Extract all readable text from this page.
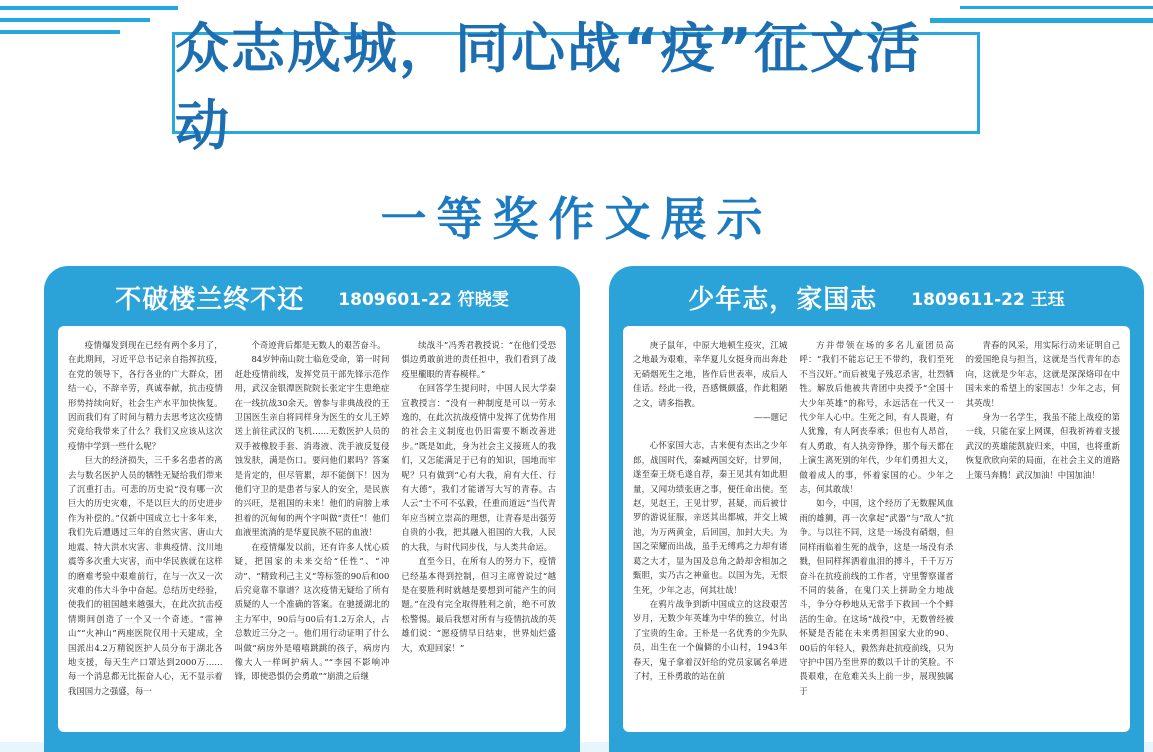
众志成城，同心战“疫”征文活动
一等奖作文展示
不破楼兰终不还 1809601-22 符晓雯

疫情爆发到现在已经有两个多月了，在此期间，习近平总书记亲自指挥抗疫，在党的领导下，各行各业的广大群众，团结一心，不辞辛劳，真诚奉献，抗击疫情形势持续向好，社会生产水平加快恢复。因而我们有了时间与精力去思考这次疫情究竟给我带来了什么？我们又应该从这次疫情中学到一些什么呢？

巨大的经济损失，三千多名患者的离去与数名医护人员的牺牲无疑给我们带来了沉重打击。可悲的历史说“没有哪一次巨大的历史灾难，不是以巨大的历史进步作为补偿的。”仅新中国成立七十多年来，我们先后遭遇过三年的自然灾害、唐山大地震、特大洪水灾害、非典疫情、汶川地震等多次重大灾害，而中华民族就在这样的磨难考验中艰难前行，在与一次又一次灾难的伟大斗争中奋起。总结历史经验，使我们的祖国越来越强大，在此次抗击疫情期间创造了一个又一个奇迹。“雷神山”“火神山”两座医院仅用十天建成，全国派出4.2万精锐医护人员分布于湖北各地支援，每天生产口罩达到2000万……每一个消息都无比振奋人心，无不显示着我国国力之强盛，每一

个奇迹背后都是无数人的艰苦奋斗。

84岁钟南山院士临危受命，第一时间赶赴疫情前线，发挥党员干部先锋示范作用，武汉金银潭医院院长张定宇生患绝症在一线抗战30余天。曾参与非典战役的王卫国医生亲自将同样身为医生的女儿王婷送上前往武汉的飞机……无数医护人员的双手被橡胶手套、消毒液、洗手液反复侵蚀发肤，满是伤口。要问他们累吗？答案是肯定的，但尽管累，却不能倒下！因为他们守卫的是患者与家人的安全，是民族的兴旺，是祖国的未来！他们的肩膀上承担着的沉甸甸的两个字叫做“责任”！他们血液里流淌的是华夏民族不屈的血液！

在疫情爆发以前，还有许多人忧心质疑，把国家的未来交给“任性”、“冲动”、“精致利己主义”等标签的90后和00后究竟靠不靠谱？这次疫情无疑给了所有质疑的人一个准确的答案。在驰援湖北的主力军中，90后与00后有1.2万余人，占总数近三分之一。他们用行动证明了什么叫做“病房外是嘻嘻跳跳的孩子，病房内像大人一样呵护病人。”“李园不影响冲锋，即使恐惧仍会勇敢”“崩溃之后继

续战斗”冯秀君教授说：“在他们受恐惧边勇敢前进的责任担中，我们看到了战疫里櫳眼的青春模样。”

在回答学生提问时，中国人民大学秦宣教授言：“没有一种制度是可以一劳永逸的，在此次抗战疫情中发挥了优势作用的社会主义制度也仍旧需要不断改善进步。”既是如此，身为社会主义接班人的我们，又怎能满足于已有的知识，国地而牢呢？只有做到“心有大我，肩有大任、行有大德”，我们才能谱写大写的青春。古人云“士不可不弘毅，任重而道远”当代青年应当树立崇高的理想，让青春是出强劳自贵的小我，把其融入祖国的大我，人民的大我，与时代同步伐，与人类共命运。

直至今日，在所有人的努力下，疫情已经基本得到控制，但习主席曾说过“越是在要胜利时就越是要想到可能产生的问题。”在没有完全取得胜利之前，绝不可放松警惕。最后我想对所有与疫情抗战的英雄们说：“愿疫情早日结束，世界灿烂盛大，欢迎回家！”

少年志，家国志 1809611-22 王珏

庚子鼠年，中原大地顿生疫灾，江城之地最为艰难，幸华夏儿女挺身而出奔赴无硝烟死生之地，皆作后世表率，成后人佳话。经此一役，吾感慨颇盛，作此粗陋之文，请多指教。

——题记

心怀家国大志，古来便有杰出之少年郎，战国时代，秦臧两国交好，廿罗间，遂至秦王烧毛遂自荐，秦王见其有如此胆量，又闻功绩张唐之事，便任命出使。至赵，见赵王，王见廿罗，甚疑，而后被廿罗的游说征服，亲送其出都城，并交上城池，为万两黄金，后回国，加封大夫。为国之荣耀而出战，虽手无缚鸡之力却有诸葛之大才，显为国及总角之龄却舍相加之甄胆，实乃古之神童也。以国为先，无恨生死，少年之志，何其壮哉！

在鸦片战争到新中国成立的这段艰苦岁月，无数少年英雄为中华的独立，付出了宝贵的生命。王朴是一名优秀的少先队员，出生在一个偏僻的小山村，1943年春天，鬼子拿着汉奸给的党员家属名单进了村，王朴勇敢的站在前

方并带领在场的多名儿童团员高呼：“我们不能忘记王不带约，我们至死不当汉奸。”而后被鬼子残忍杀害，壮烈牺牲。解放后他被共青团中央授予“全国十大少年英雄”的称号，永远活在一代又一代少年人心中。生死之间，有人畏避，有人犹豫，有人阿丧奉承；但也有人昂首，有人勇敢，有人执旁铮铮，那个每天都在上演生离死别的年代，少年们勇担大义，做着成人的事，怀着家国的心。少年之志，何其敢哉！

如今，中国，这个经历了无数腥风血雨的雄狮，再一次拿起“武器”与“敌人”抗争。与以往不同，这是一场没有硝烟，但同样雨临着生死的战争，这是一场没有杀戮，但同样挥洒着血泪的搏斗，千千万万奋斗在抗疫前线的工作者，守里警察谨者不同的装备，在鬼门关上拼助全力地战斗，争分夺秒地从无常手下救回一个个鲜活的生命。在这场“战役”中，无数曾经被怀疑是否能在未来勇担国家大业的90、00后的年轻人，毅然奔赴抗疫前线，只为守护中国乃至世界的数以千计的笑脸。不畏艰难，在危难关头上前一步，展现独属于

青春的风采，用实际行动来证明自己的爱国绝良与担当，这就是当代青年的态向，这就是少年志，这就是深深烙印在中国未来的希望上的家国志！少年之志，何其英哉！

身为一名学生，我虽不能上战疫的第一线，只能在家上网课，但我祈祷着支援武汉的英雄能凯旋归来，中国，也将重新恢复欣欣向荣的局面，在社会主义的道路上策马奔腾！武汉加油！中国加油！
